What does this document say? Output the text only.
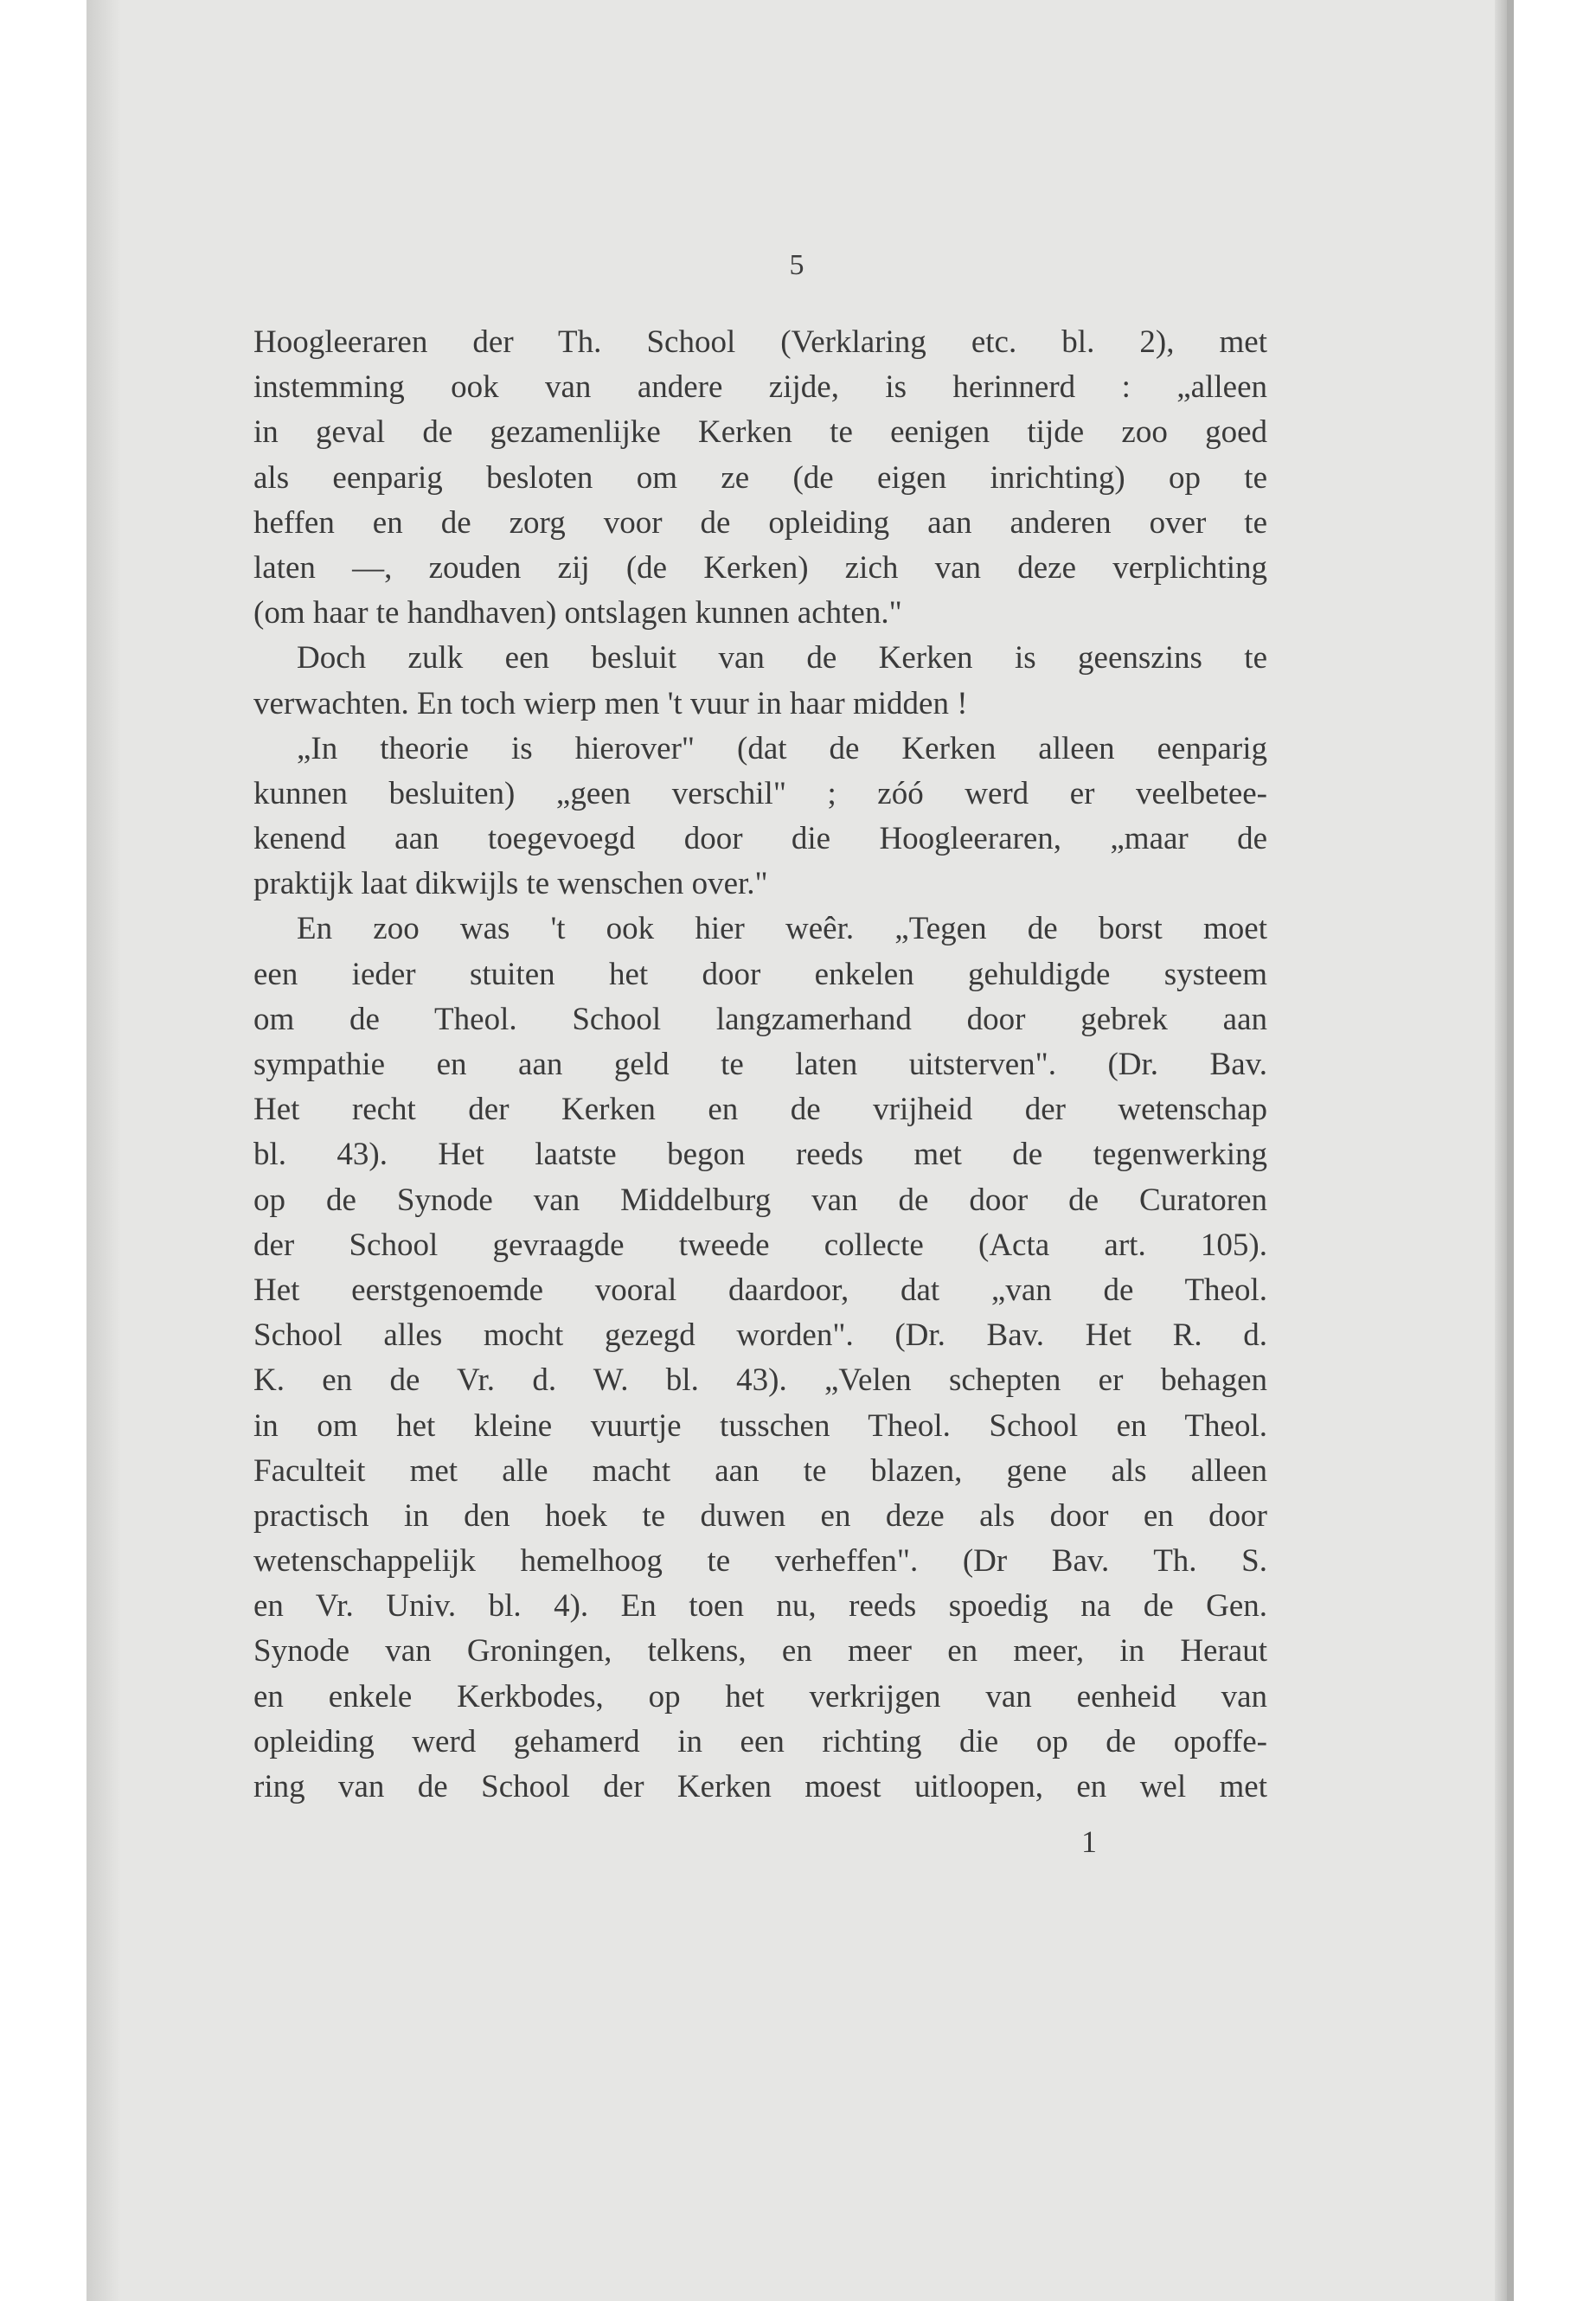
5
Hoogleeraren der Th. School (Verklaring etc. bl. 2), met
instemming ook van andere zijde, is herinnerd : „alleen
in geval de gezamenlijke Kerken te eenigen tijde zoo goed
als eenparig besloten om ze (de eigen inrichting) op te
heffen en de zorg voor de opleiding aan anderen over te
laten —, zouden zij (de Kerken) zich van deze verplichting
(om haar te handhaven) ontslagen kunnen achten."
Doch zulk een besluit van de Kerken is geenszins te
verwachten. En toch wierp men 't vuur in haar midden !
„In theorie is hierover" (dat de Kerken alleen eenparig
kunnen besluiten) „geen verschil" ; zóó werd er veelbetee-
kenend aan toegevoegd door die Hoogleeraren, „maar de
praktijk laat dikwijls te wenschen over."
En zoo was 't ook hier weêr. „Tegen de borst moet
een ieder stuiten het door enkelen gehuldigde systeem
om de Theol. School langzamerhand door gebrek aan
sympathie en aan geld te laten uitsterven". (Dr. Bav.
Het recht der Kerken en de vrijheid der wetenschap
bl. 43). Het laatste begon reeds met de tegenwerking
op de Synode van Middelburg van de door de Curatoren
der School gevraagde tweede collecte (Acta art. 105).
Het eerstgenoemde vooral daardoor, dat „van de Theol.
School alles mocht gezegd worden". (Dr. Bav. Het R. d.
K. en de Vr. d. W. bl. 43). „Velen schepten er behagen
in om het kleine vuurtje tusschen Theol. School en Theol.
Faculteit met alle macht aan te blazen, gene als alleen
practisch in den hoek te duwen en deze als door en door
wetenschappelijk hemelhoog te verheffen". (Dr Bav. Th. S.
en Vr. Univ. bl. 4). En toen nu, reeds spoedig na de Gen.
Synode van Groningen, telkens, en meer en meer, in Heraut
en enkele Kerkbodes, op het verkrijgen van eenheid van
opleiding werd gehamerd in een richting die op de opoffe-
ring van de School der Kerken moest uitloopen, en wel met
1
